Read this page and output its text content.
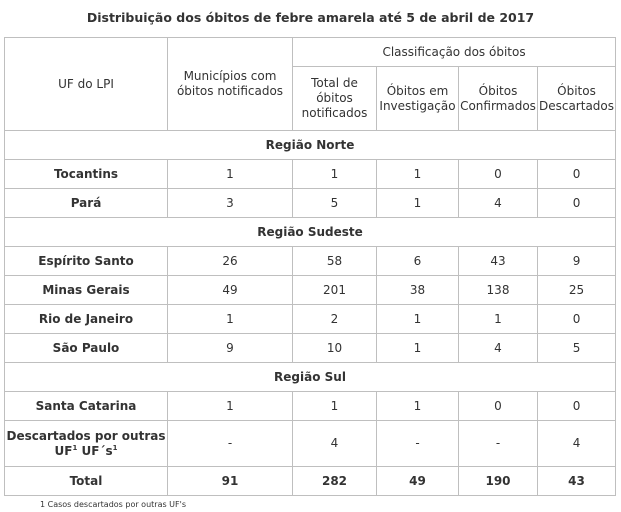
Distribuição dos óbitos de febre amarela até 5 de abril de 2017
UF do LPI	Municípios com óbitos notificados	Classificação dos óbitos			
		Total de óbitos notificados	Óbitos em Investigação	Óbitos Confirmados	Óbitos Descartados
Região Norte					
Tocantins	1	1	1	0	0
Pará	3	5	1	4	0
Região Sudeste					
Espírito Santo	26	58	6	43	9
Minas Gerais	49	201	38	138	25
Rio de Janeiro	1	2	1	1	0
São Paulo	9	10	1	4	5
Região Sul					
Santa Catarina	1	1	1	0	0
Descartados por outras
$UF^1$ $UF´s^1$	-	4	-	-	4
Total	91	282	49	190	43
1 Casos descartados por outras UF's
